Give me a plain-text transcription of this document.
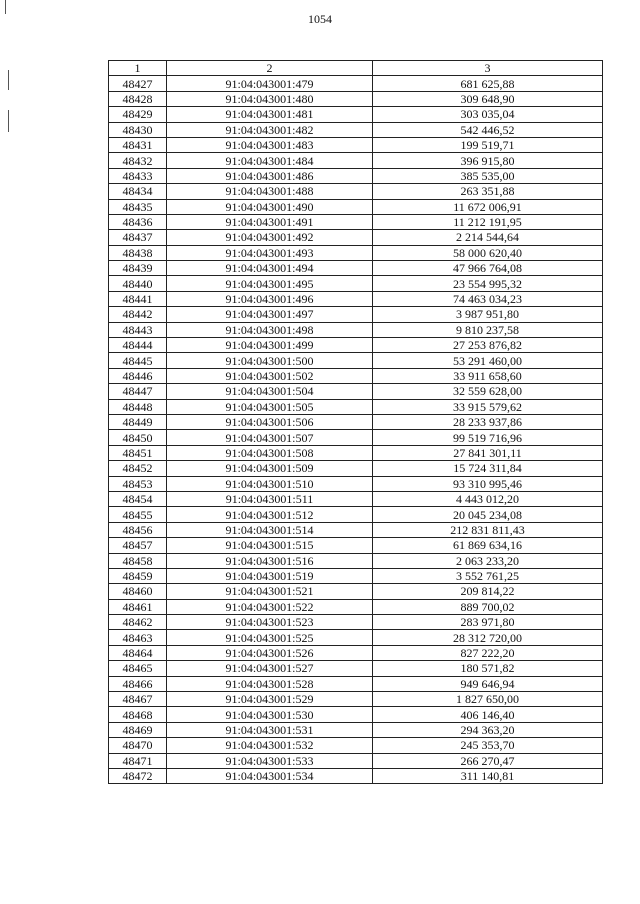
1054
1	2	3
48427	91:04:043001:479	681 625,88
48428	91:04:043001:480	309 648,90
48429	91:04:043001:481	303 035,04
48430	91:04:043001:482	542 446,52
48431	91:04:043001:483	199 519,71
48432	91:04:043001:484	396 915,80
48433	91:04:043001:486	385 535,00
48434	91:04:043001:488	263 351,88
48435	91:04:043001:490	11 672 006,91
48436	91:04:043001:491	11 212 191,95
48437	91:04:043001:492	2 214 544,64
48438	91:04:043001:493	58 000 620,40
48439	91:04:043001:494	47 966 764,08
48440	91:04:043001:495	23 554 995,32
48441	91:04:043001:496	74 463 034,23
48442	91:04:043001:497	3 987 951,80
48443	91:04:043001:498	9 810 237,58
48444	91:04:043001:499	27 253 876,82
48445	91:04:043001:500	53 291 460,00
48446	91:04:043001:502	33 911 658,60
48447	91:04:043001:504	32 559 628,00
48448	91:04:043001:505	33 915 579,62
48449	91:04:043001:506	28 233 937,86
48450	91:04:043001:507	99 519 716,96
48451	91:04:043001:508	27 841 301,11
48452	91:04:043001:509	15 724 311,84
48453	91:04:043001:510	93 310 995,46
48454	91:04:043001:511	4 443 012,20
48455	91:04:043001:512	20 045 234,08
48456	91:04:043001:514	212 831 811,43
48457	91:04:043001:515	61 869 634,16
48458	91:04:043001:516	2 063 233,20
48459	91:04:043001:519	3 552 761,25
48460	91:04:043001:521	209 814,22
48461	91:04:043001:522	889 700,02
48462	91:04:043001:523	283 971,80
48463	91:04:043001:525	28 312 720,00
48464	91:04:043001:526	827 222,20
48465	91:04:043001:527	180 571,82
48466	91:04:043001:528	949 646,94
48467	91:04:043001:529	1 827 650,00
48468	91:04:043001:530	406 146,40
48469	91:04:043001:531	294 363,20
48470	91:04:043001:532	245 353,70
48471	91:04:043001:533	266 270,47
48472	91:04:043001:534	311 140,81
